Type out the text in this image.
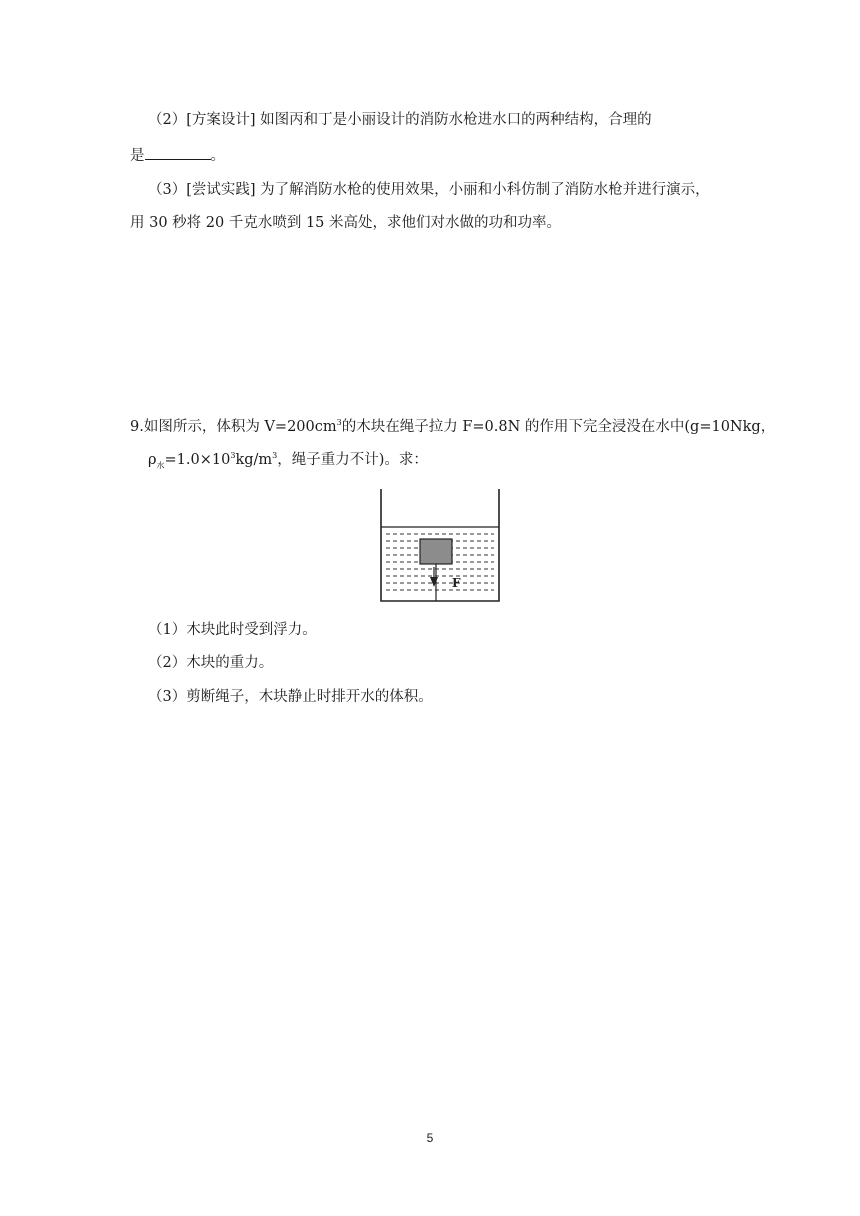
（2）[方案设计] 如图丙和丁是小丽设计的消防水枪进水口的两种结构，合理的
是	。
（3）[尝试实践] 为了解消防水枪的使用效果，小丽和小科仿制了消防水枪并进行演示，
用 30 秒将 20 千克水喷到 15 米高处，求他们对水做的功和功率。
9.如图所示，体积为 $V=200cm^3$的木块在绳子拉力 F=0.8N 的作用下完全浸没在水中(g=10Nkg，
$\rho_水=1.0\times 10^3kg/m^3$，绳子重力不计)。求：
F
（1）木块此时受到浮力。
（2）木块的重力。
（3）剪断绳子，木块静止时排开水的体积。
5
